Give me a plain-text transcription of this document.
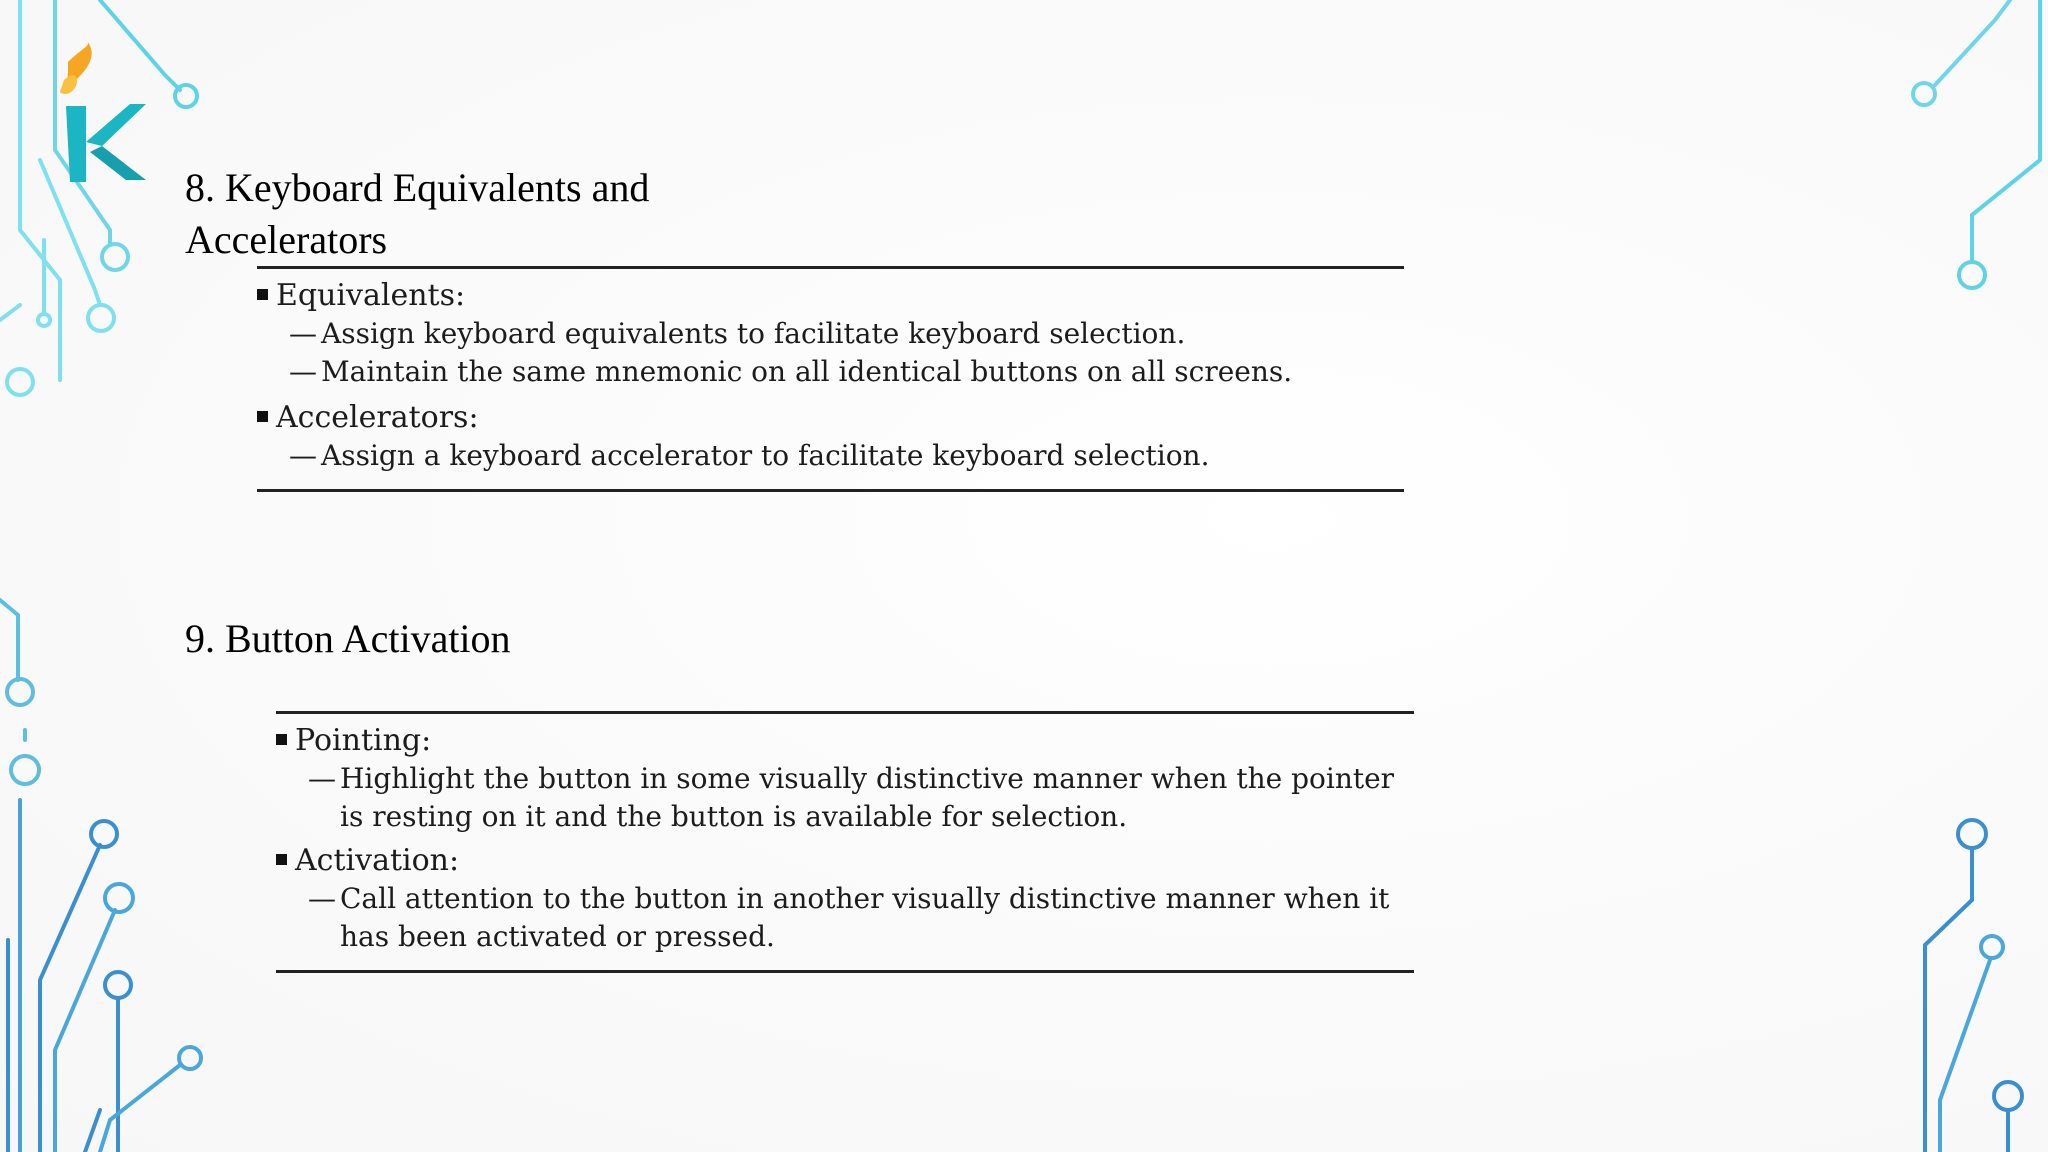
8. Keyboard Equivalents and Accelerators

Equivalents:

— Assign keyboard equivalents to facilitate keyboard selection.

— Maintain the same mnemonic on all identical buttons on all screens.

Accelerators:

— Assign a keyboard accelerator to facilitate keyboard selection.

9. Button Activation

Pointing:

— Highlight the button in some visually distinctive manner when the pointer is resting on it and the button is available for selection.

Activation:

— Call attention to the button in another visually distinctive manner when it has been activated or pressed.
